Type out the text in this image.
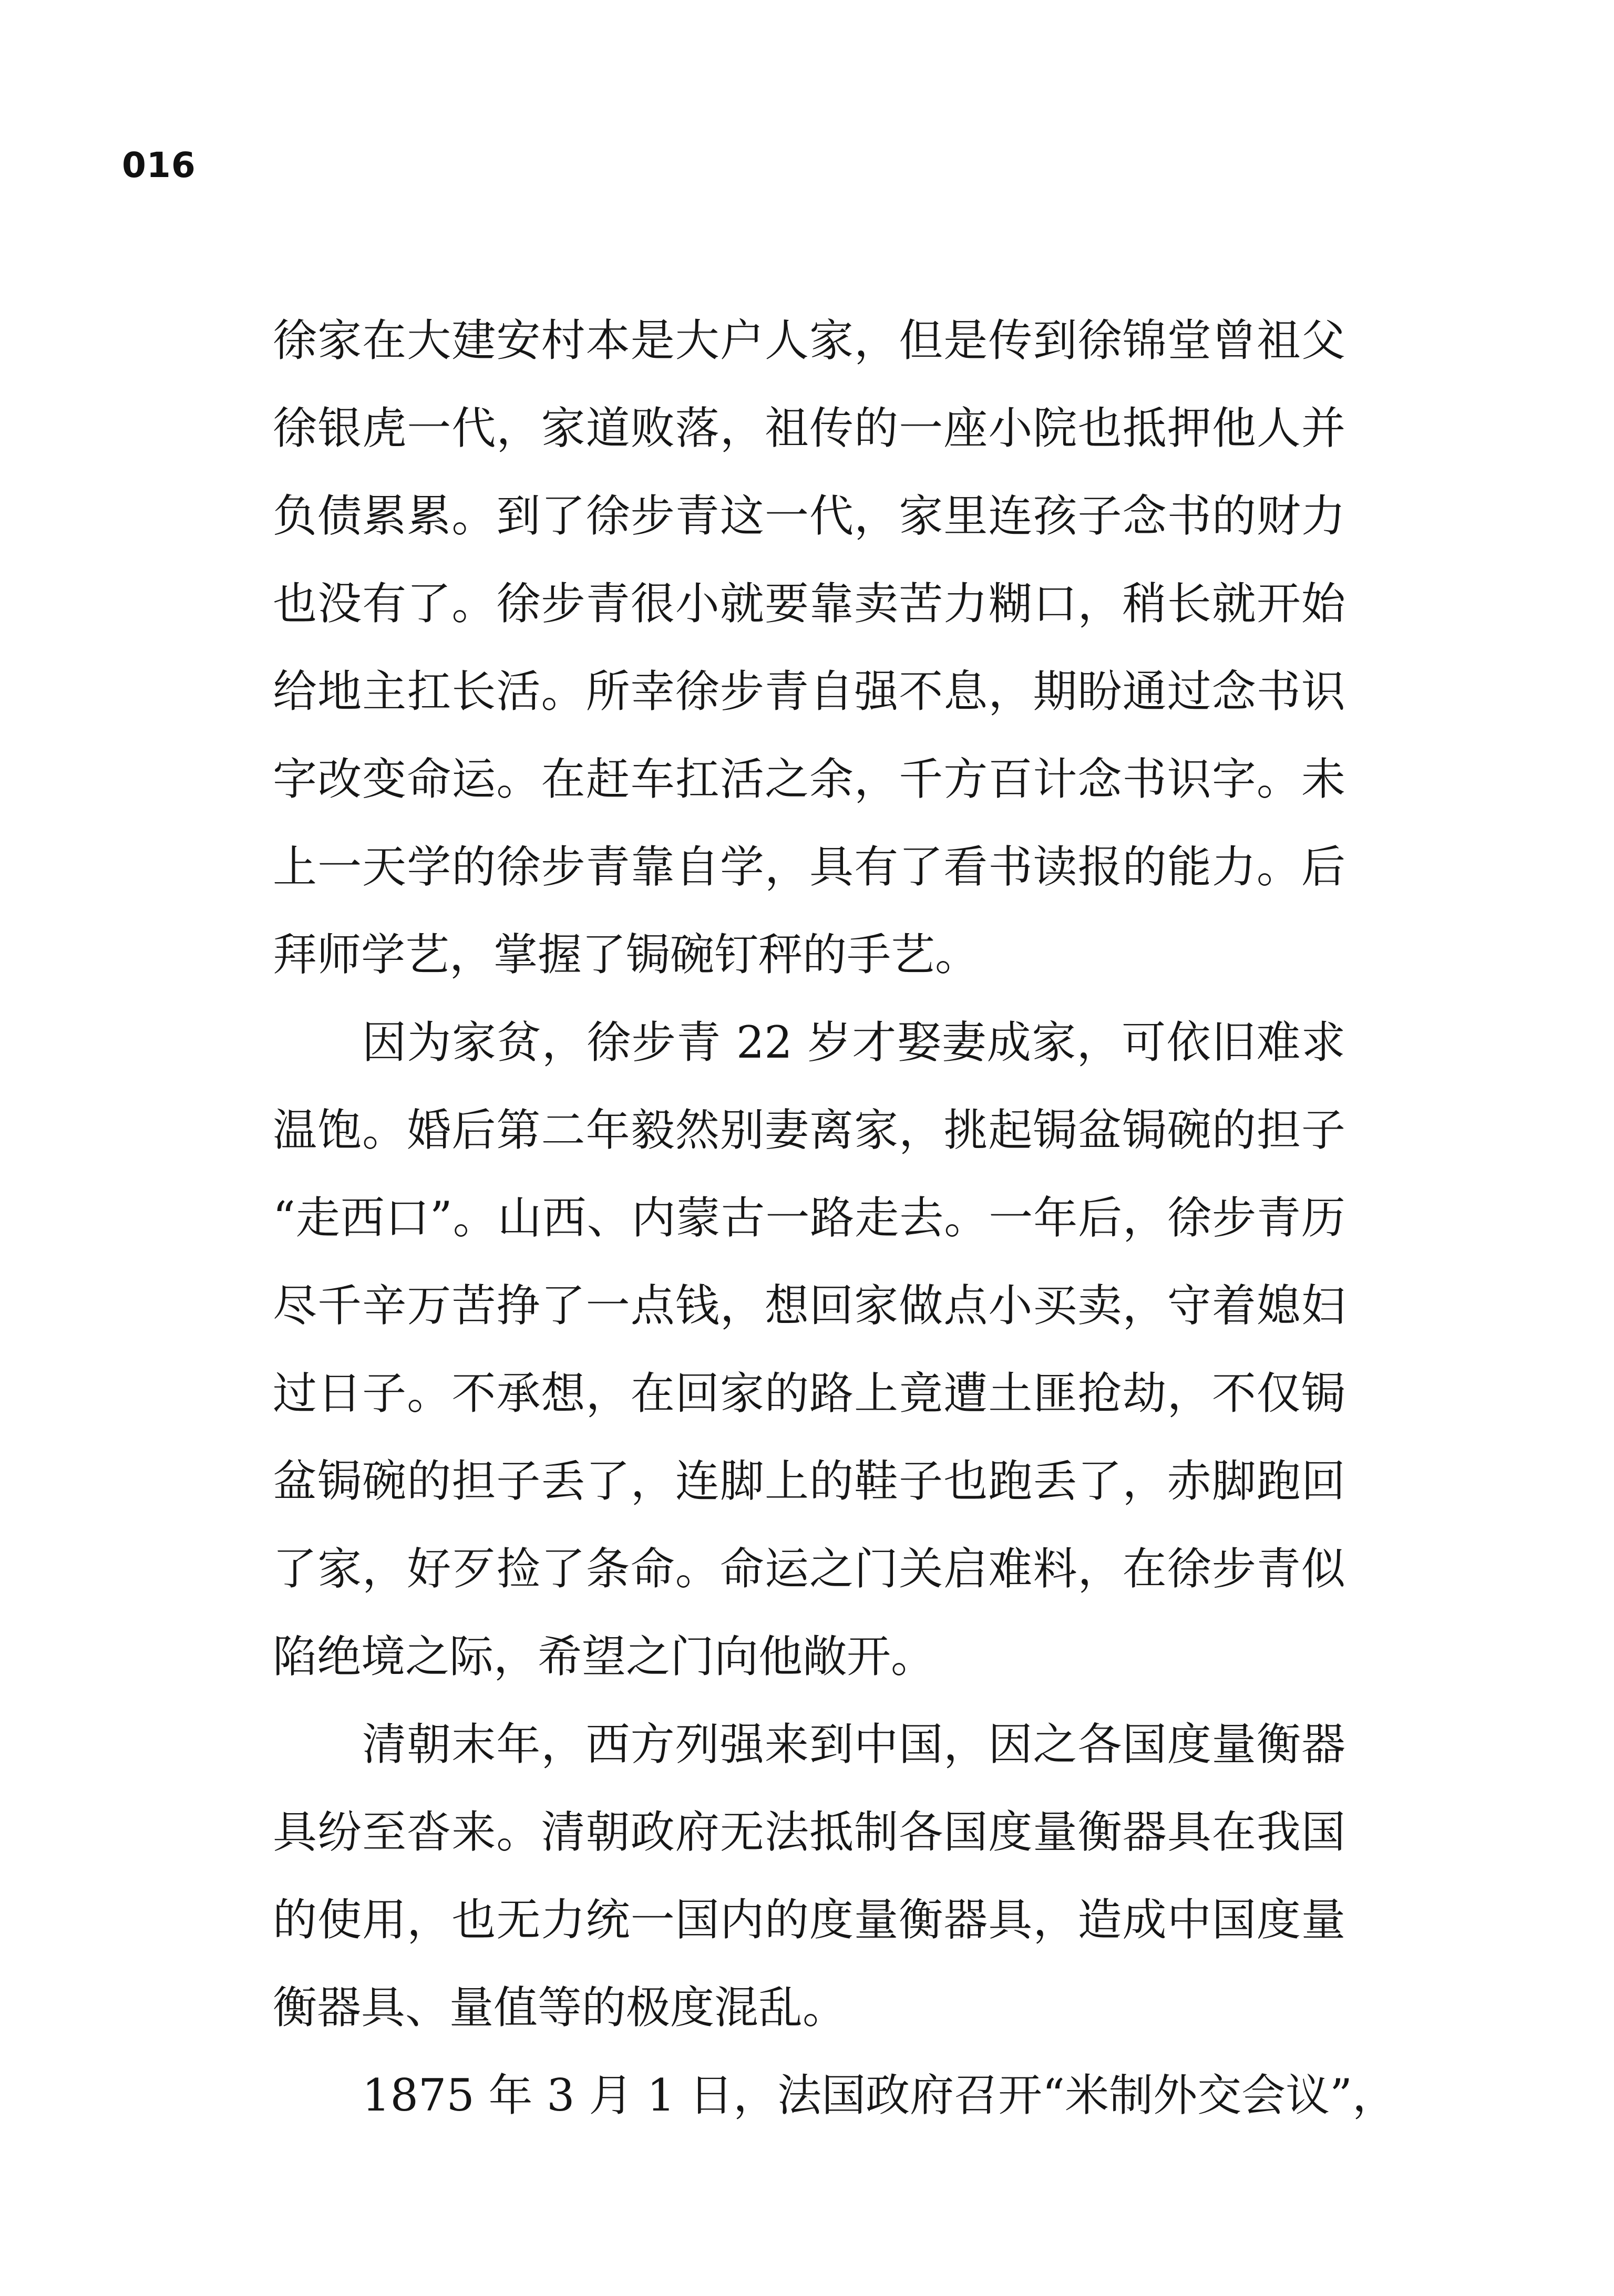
016
徐家在大建安村本是大户人家，但是传到徐锦堂曾祖父
徐银虎一代，家道败落，祖传的一座小院也抵押他人并
负债累累。到了徐步青这一代，家里连孩子念书的财力
也没有了。徐步青很小就要靠卖苦力糊口，稍长就开始
给地主扛长活。所幸徐步青自强不息，期盼通过念书识
字改变命运。在赶车扛活之余，千方百计念书识字。未
上一天学的徐步青靠自学，具有了看书读报的能力。后
拜师学艺，掌握了锔碗钉秤的手艺。
因为家贫，徐步青 22 岁才娶妻成家，可依旧难求
温饱。婚后第二年毅然别妻离家，挑起锔盆锔碗的担子
“走西口”。山西、内蒙古一路走去。一年后，徐步青历
尽千辛万苦挣了一点钱，想回家做点小买卖，守着媳妇
过日子。不承想，在回家的路上竟遭土匪抢劫，不仅锔
盆锔碗的担子丢了，连脚上的鞋子也跑丢了，赤脚跑回
了家，好歹捡了条命。命运之门关启难料，在徐步青似
陷绝境之际，希望之门向他敞开。
清朝末年，西方列强来到中国，因之各国度量衡器
具纷至沓来。清朝政府无法抵制各国度量衡器具在我国
的使用，也无力统一国内的度量衡器具，造成中国度量
衡器具、量值等的极度混乱。
1875 年 3 月 1 日，法国政府召开“米制外交会议”，
